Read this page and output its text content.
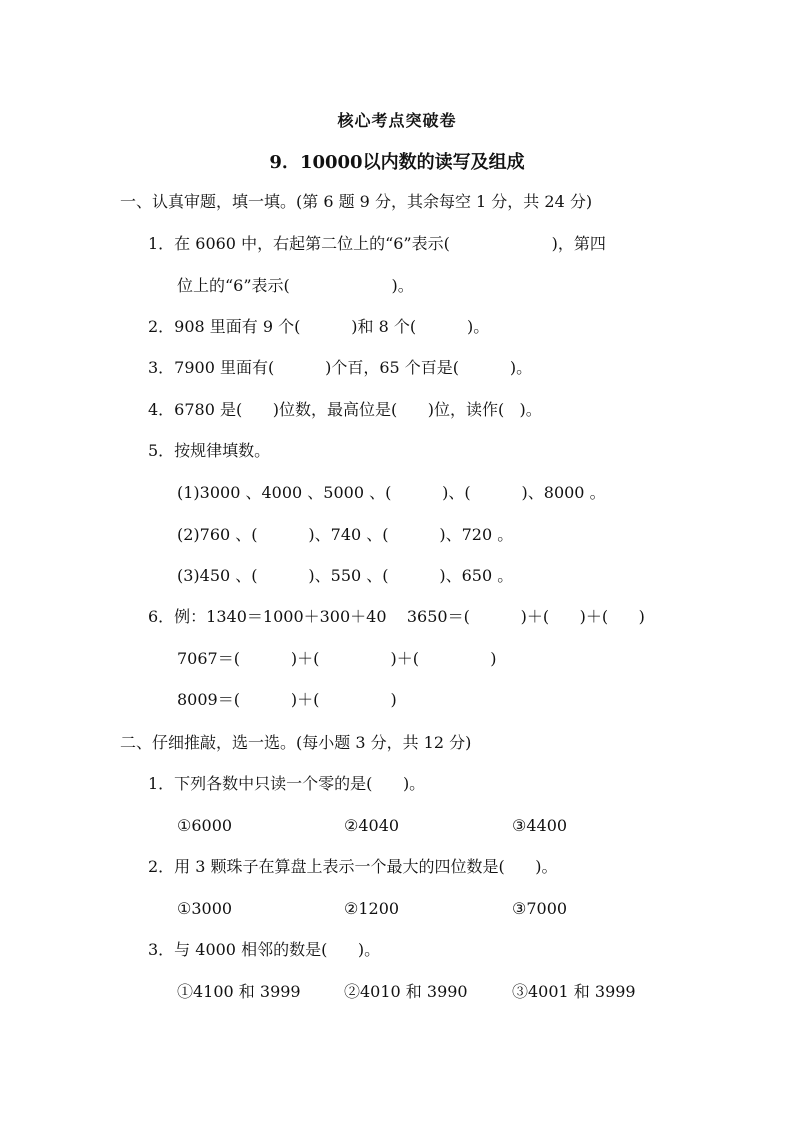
核心考点突破卷
9．10000以内数的读写及组成
一、认真审题，填一填。(第 6 题 9 分，其余每空 1 分，共 24 分)
1．在 6060 中，右起第二位上的“6”表示(                    )，第四
位上的“6”表示(                    )。
2．908 里面有 9 个(          )和 8 个(          )。
3．7900 里面有(          )个百，65 个百是(          )。
4．6780 是(      )位数，最高位是(      )位，读作(   )。
5．按规律填数。
(1)3000 、4000 、5000 、(          )、(          )、8000 。
(2)760 、(          )、740 、(          )、720 。
(3)450 、(          )、550 、(          )、650 。
6．例：1340＝1000＋300＋40    3650＝(          )＋(      )＋(      )
7067＝(          )＋(              )＋(              )
8009＝(          )＋(              )
二、仔细推敲，选一选。(每小题 3 分，共 12 分)
1．下列各数中只读一个零的是(      )。
①6000	②4040	③4400
2．用 3 颗珠子在算盘上表示一个最大的四位数是(      )。
①3000	②1200	③7000
3．与 4000 相邻的数是(      )。
①4100 和 3999	②4010 和 3990	③4001 和 3999
